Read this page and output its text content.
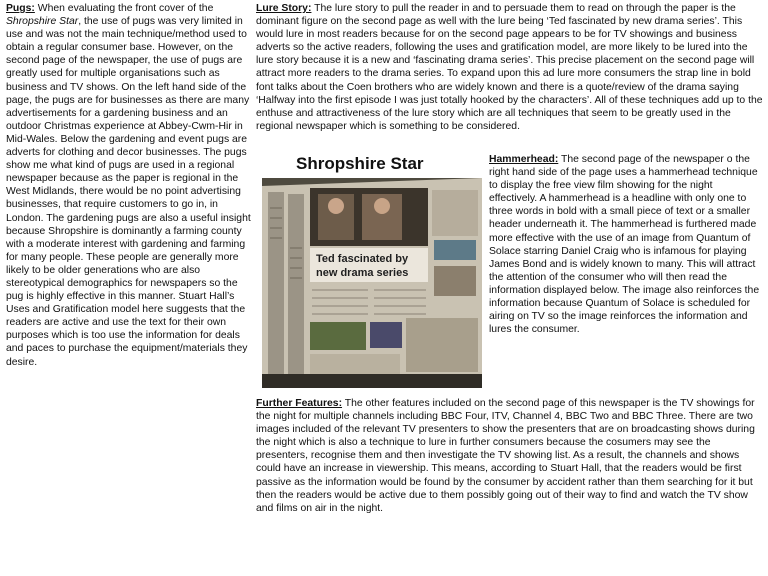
Pugs: When evaluating the front cover of the Shropshire Star, the use of pugs was very limited in use and was not the main technique/method used to obtain a regular consumer base. However, on the second page of the newspaper, the use of pugs are greatly used for multiple organisations such as business and TV shows. On the left hand side of the page, the pugs are for businesses as there are many advertisements for a gardening business and an outdoor Christmas experience at Abbey-Cwm-Hir in Mid-Wales. Below the gardening and event pugs are adverts for clothing and decor businesses. The pugs show me what kind of pugs are used in a regional newspaper because as the paper is regional in the West Midlands, there would be no point advertising businesses, that require customers to go in, in London. The gardening pugs are also a useful insight because Shropshire is dominantly a farming county with a moderate interest with gardening and farming for many people. These people are generally more likely to be older generations who are also stereotypical demographics for newspapers so the pug is highly effective in this manner. Stuart Hall’s Uses and Gratification model here suggests that the readers are active and use the text for their own purposes which is too use the information for deals and paces to purchase the equipment/materials they desire.
Lure Story: The lure story to pull the reader in and to persuade them to read on through the paper is the dominant figure on the second page as well with the lure being ‘Ted fascinated by new drama series’. This would lure in most readers because for on the second page appears to be for TV showings and business adverts so the active readers, following the uses and gratification model, are more likely to be lured into the lure story because it is a new and ‘fascinating drama series’. This precise placement on the second page will attract more readers to the drama series. To expand upon this ad lure more consumers the strap line in bold font talks about the Coen brothers who are widely known and there is a quote/review of the drama saying ‘Halfway into the first episode I was just totally hooked by the characters’. All of these techniques add up to the enthuse and attractiveness of the lure story which are all techniques that seem to be greatly used in the regional newspaper which is something to be considered.
Shropshire Star
Ted fascinated by
new drama series
Hammerhead: The second page of the newspaper o the right hand side of the page uses a hammerhead technique to display the free view film showing for the night effectively. A hammerhead is a headline with only one to three words in bold with a small piece of text or a smaller header underneath it. The hammerhead is furthered made more effective with the use of an image from Quantum of Solace starring Daniel Craig who is infamous for playing James Bond and is widely known to many. This will attract the attention of the consumer who will then read the information displayed below. The image also reinforces the information because Quantum of Solace is scheduled for airing on TV so the image reinforces the information and lures the consumer.
Further Features: The other features included on the second page of this newspaper is the TV showings for the night for multiple channels including BBC Four, ITV, Channel 4, BBC Two and BBC Three. There are two images included of the relevant TV presenters to show the presenters that are on broadcasting shows during the night which is also a technique to lure in further consumers because the cosumers may see the presenters, recognise them and then investigate the TV showing list. As a result, the channels and shows could have an increase in viewership. This means, according to Stuart Hall, that the readers would be first passive as the information would be found by the consumer by accident rather than them searching for it but then the readers would be active due to them possibly going out of their way to find and watch the TV show and films on air in the night.
